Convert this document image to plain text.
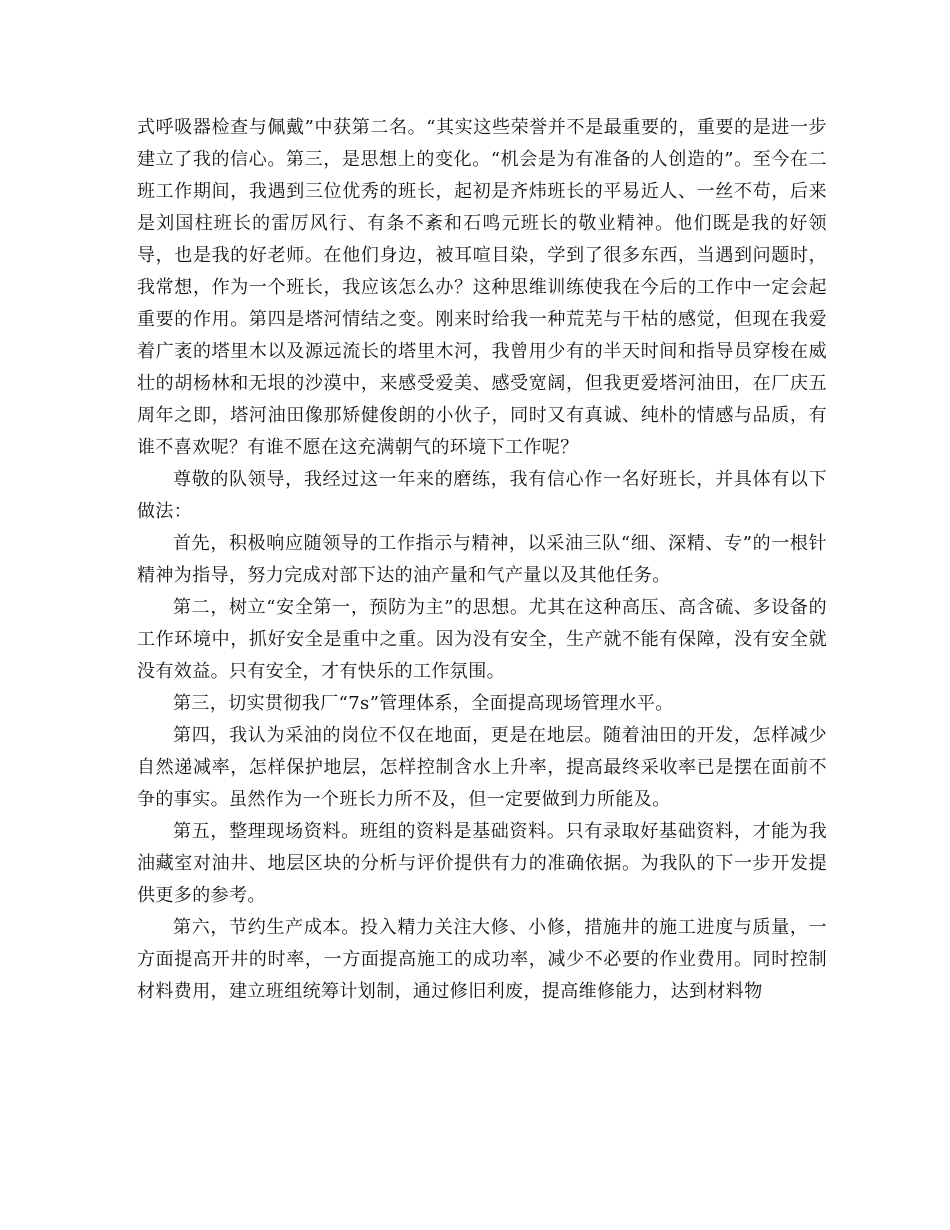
式呼吸器检查与佩戴”中获第二名。“其实这些荣誉并不是最重要的，重要的是进一步建立了我的信心。第三，是思想上的变化。“机会是为有准备的人创造的”。至今在二班工作期间，我遇到三位优秀的班长，起初是齐炜班长的平易近人、一丝不苟，后来是刘国柱班长的雷厉风行、有条不紊和石鸣元班长的敬业精神。他们既是我的好领导，也是我的好老师。在他们身边，被耳喧目染，学到了很多东西，当遇到问题时，我常想，作为一个班长，我应该怎么办？这种思维训练使我在今后的工作中一定会起重要的作用。第四是塔河情结之变。刚来时给我一种荒芜与干枯的感觉，但现在我爱着广袤的塔里木以及源远流长的塔里木河，我曾用少有的半天时间和指导员穿梭在威壮的胡杨林和无垠的沙漠中，来感受爱美、感受宽阔，但我更爱塔河油田，在厂庆五周年之即，塔河油田像那矫健俊朗的小伙子，同时又有真诚、纯朴的情感与品质，有谁不喜欢呢？有谁不愿在这充满朝气的环境下工作呢？

尊敬的队领导，我经过这一年来的磨练，我有信心作一名好班长，并具体有以下做法：

首先，积极响应随领导的工作指示与精神，以采油三队“细、深精、专”的一根针精神为指导，努力完成对部下达的油产量和气产量以及其他任务。

第二，树立“安全第一，预防为主”的思想。尤其在这种高压、高含硫、多设备的工作环境中，抓好安全是重中之重。因为没有安全，生产就不能有保障，没有安全就没有效益。只有安全，才有快乐的工作氛围。

第三，切实贯彻我厂“7s”管理体系，全面提高现场管理水平。

第四，我认为采油的岗位不仅在地面，更是在地层。随着油田的开发，怎样减少自然递减率，怎样保护地层，怎样控制含水上升率，提高最终采收率已是摆在面前不争的事实。虽然作为一个班长力所不及，但一定要做到力所能及。

第五，整理现场资料。班组的资料是基础资料。只有录取好基础资料，才能为我油藏室对油井、地层区块的分析与评价提供有力的准确依据。为我队的下一步开发提供更多的参考。

第六，节约生产成本。投入精力关注大修、小修，措施井的施工进度与质量，一方面提高开井的时率，一方面提高施工的成功率，减少不必要的作业费用。同时控制材料费用，建立班组统筹计划制，通过修旧利废，提高维修能力，达到材料物
